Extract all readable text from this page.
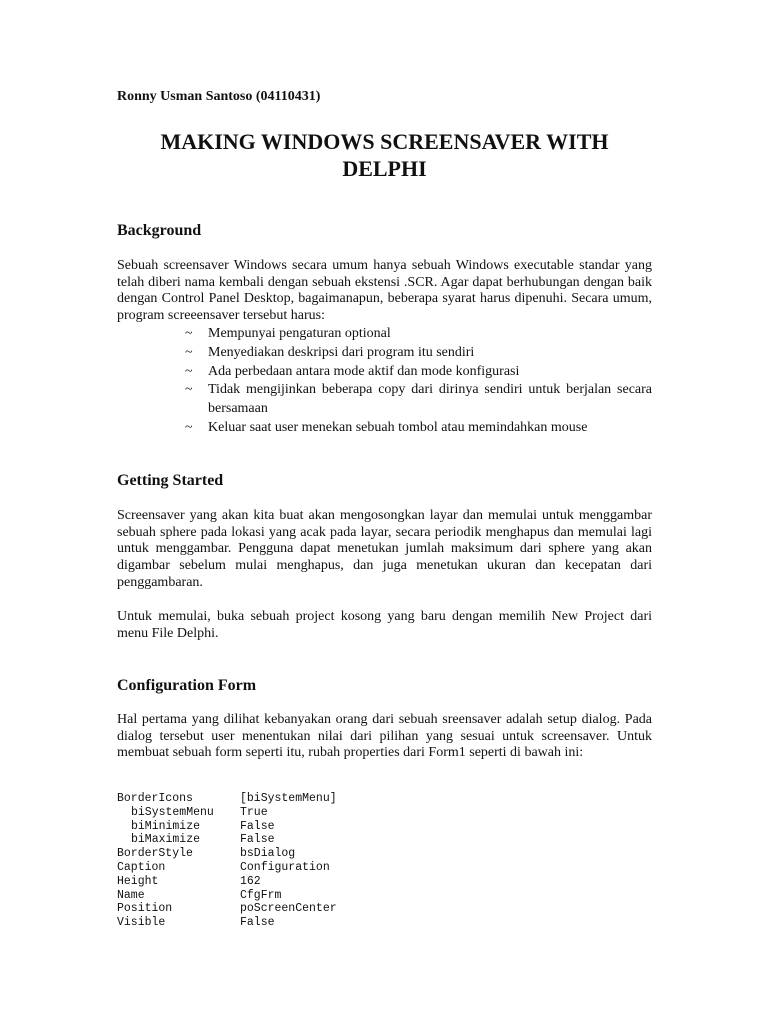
Ronny Usman Santoso (04110431)
MAKING WINDOWS SCREENSAVER WITH DELPHI
Background

Sebuah screensaver Windows secara umum hanya sebuah Windows executable standar yang telah diberi nama kembali dengan sebuah ekstensi .SCR. Agar dapat berhubungan dengan baik dengan Control Panel Desktop, bagaimanapun, beberapa syarat harus dipenuhi. Secara umum, program screeensaver tersebut harus:

~ Mempunyai pengaturan optional
~ Menyediakan deskripsi dari program itu sendiri
~ Ada perbedaan antara mode aktif dan mode konfigurasi
~ Tidak mengijinkan beberapa copy dari dirinya sendiri untuk berjalan secara bersamaan
~ Keluar saat user menekan sebuah tombol atau memindahkan mouse
Getting Started

Screensaver yang akan kita buat akan mengosongkan layar dan memulai untuk menggambar sebuah sphere pada lokasi yang acak pada layar, secara periodik menghapus dan memulai lagi untuk menggambar. Pengguna dapat menetukan jumlah maksimum dari sphere yang akan digambar sebelum mulai menghapus, dan juga menetukan ukuran dan kecepatan dari penggambaran.

Untuk memulai, buka sebuah project kosong yang baru dengan memilih New Project dari menu File Delphi.

Configuration Form

Hal pertama yang dilihat kebanyakan orang dari sebuah sreensaver adalah setup dialog. Pada dialog tersebut user menentukan nilai dari pilihan yang sesuai untuk screensaver. Untuk membuat sebuah form seperti itu, rubah properties dari Form1 seperti di bawah ini:

BorderIcons	[biSystemMenu]
biSystemMenu True
biMinimize	False
biMaximize	False
BorderStyle	bsDialog
Caption	Configuration
Height	162
Name	CfgFrm
Position	poScreenCenter
Visible	False
